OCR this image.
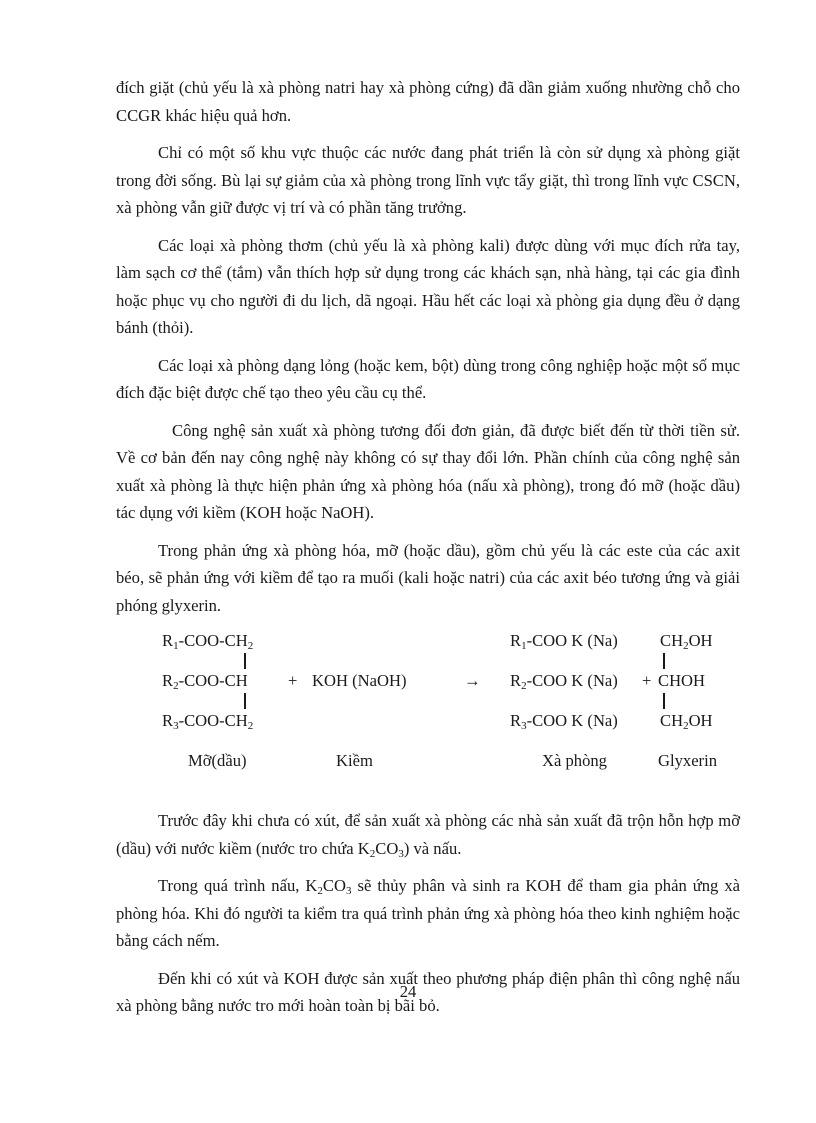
đích giặt (chủ yếu là xà phòng natri hay xà phòng cứng) đã dần giảm xuống nhường chỗ cho CCGR khác hiệu quả hơn.

Chỉ có một số khu vực thuộc các nước đang phát triển là còn sử dụng xà phòng giặt trong đời sống. Bù lại sự giảm của xà phòng trong lĩnh vực tẩy giặt, thì trong lĩnh vực CSCN, xà phòng vẫn giữ được vị trí và có phần tăng trưởng.

Các loại xà phòng thơm (chủ yếu là xà phòng kali) được dùng với mục đích rửa tay, làm sạch cơ thể (tắm) vẫn thích hợp sử dụng trong các khách sạn, nhà hàng, tại các gia đình hoặc phục vụ cho người đi du lịch, dã ngoại. Hầu hết các loại xà phòng gia dụng đều ở dạng bánh (thỏi).

Các loại xà phòng dạng lỏng (hoặc kem, bột) dùng trong công nghiệp hoặc một số mục đích đặc biệt được chế tạo theo yêu cầu cụ thể.

Công nghệ sản xuất xà phòng tương đối đơn giản, đã được biết đến từ thời tiền sử. Về cơ bản đến nay công nghệ này không có sự thay đổi lớn. Phần chính của công nghệ sản xuất xà phòng là thực hiện phản ứng xà phòng hóa (nấu xà phòng), trong đó mỡ (hoặc dầu) tác dụng với kiềm (KOH hoặc NaOH).

Trong phản ứng xà phòng hóa, mỡ (hoặc dầu), gồm chủ yếu là các este của các axit béo, sẽ phản ứng với kiềm để tạo ra muối (kali hoặc natri) của các axit béo tương ứng và giải phóng glyxerin.

$R_1-COO-CH_2$
$R_2-COO-CH$
$R_3-COO-CH_2$
+ KOH (NaOH)	→
$R_1$-COO K (Na)
$R_2$-COO K (Na)
$R_3$-COO K (Na)
+
$CH_2OH$
CHOH
$CH_2OH$
Mỡ(dầu)	Kiềm	Xà phòng	Glyxerin

Trước đây khi chưa có xút, để sản xuất xà phòng các nhà sản xuất đã trộn hỗn hợp mỡ (dầu) với nước kiềm (nước tro chứa $K_2CO_3$) và nấu.

Trong quá trình nấu, $K_2CO_3$ sẽ thủy phân và sinh ra KOH để tham gia phản ứng xà phòng hóa. Khi đó người ta kiểm tra quá trình phản ứng xà phòng hóa theo kinh nghiệm hoặc bằng cách nếm.

Đến khi có xút và KOH được sản xuất theo phương pháp điện phân thì công nghệ nấu xà phòng bằng nước tro mới hoàn toàn bị bãi bỏ.

24
